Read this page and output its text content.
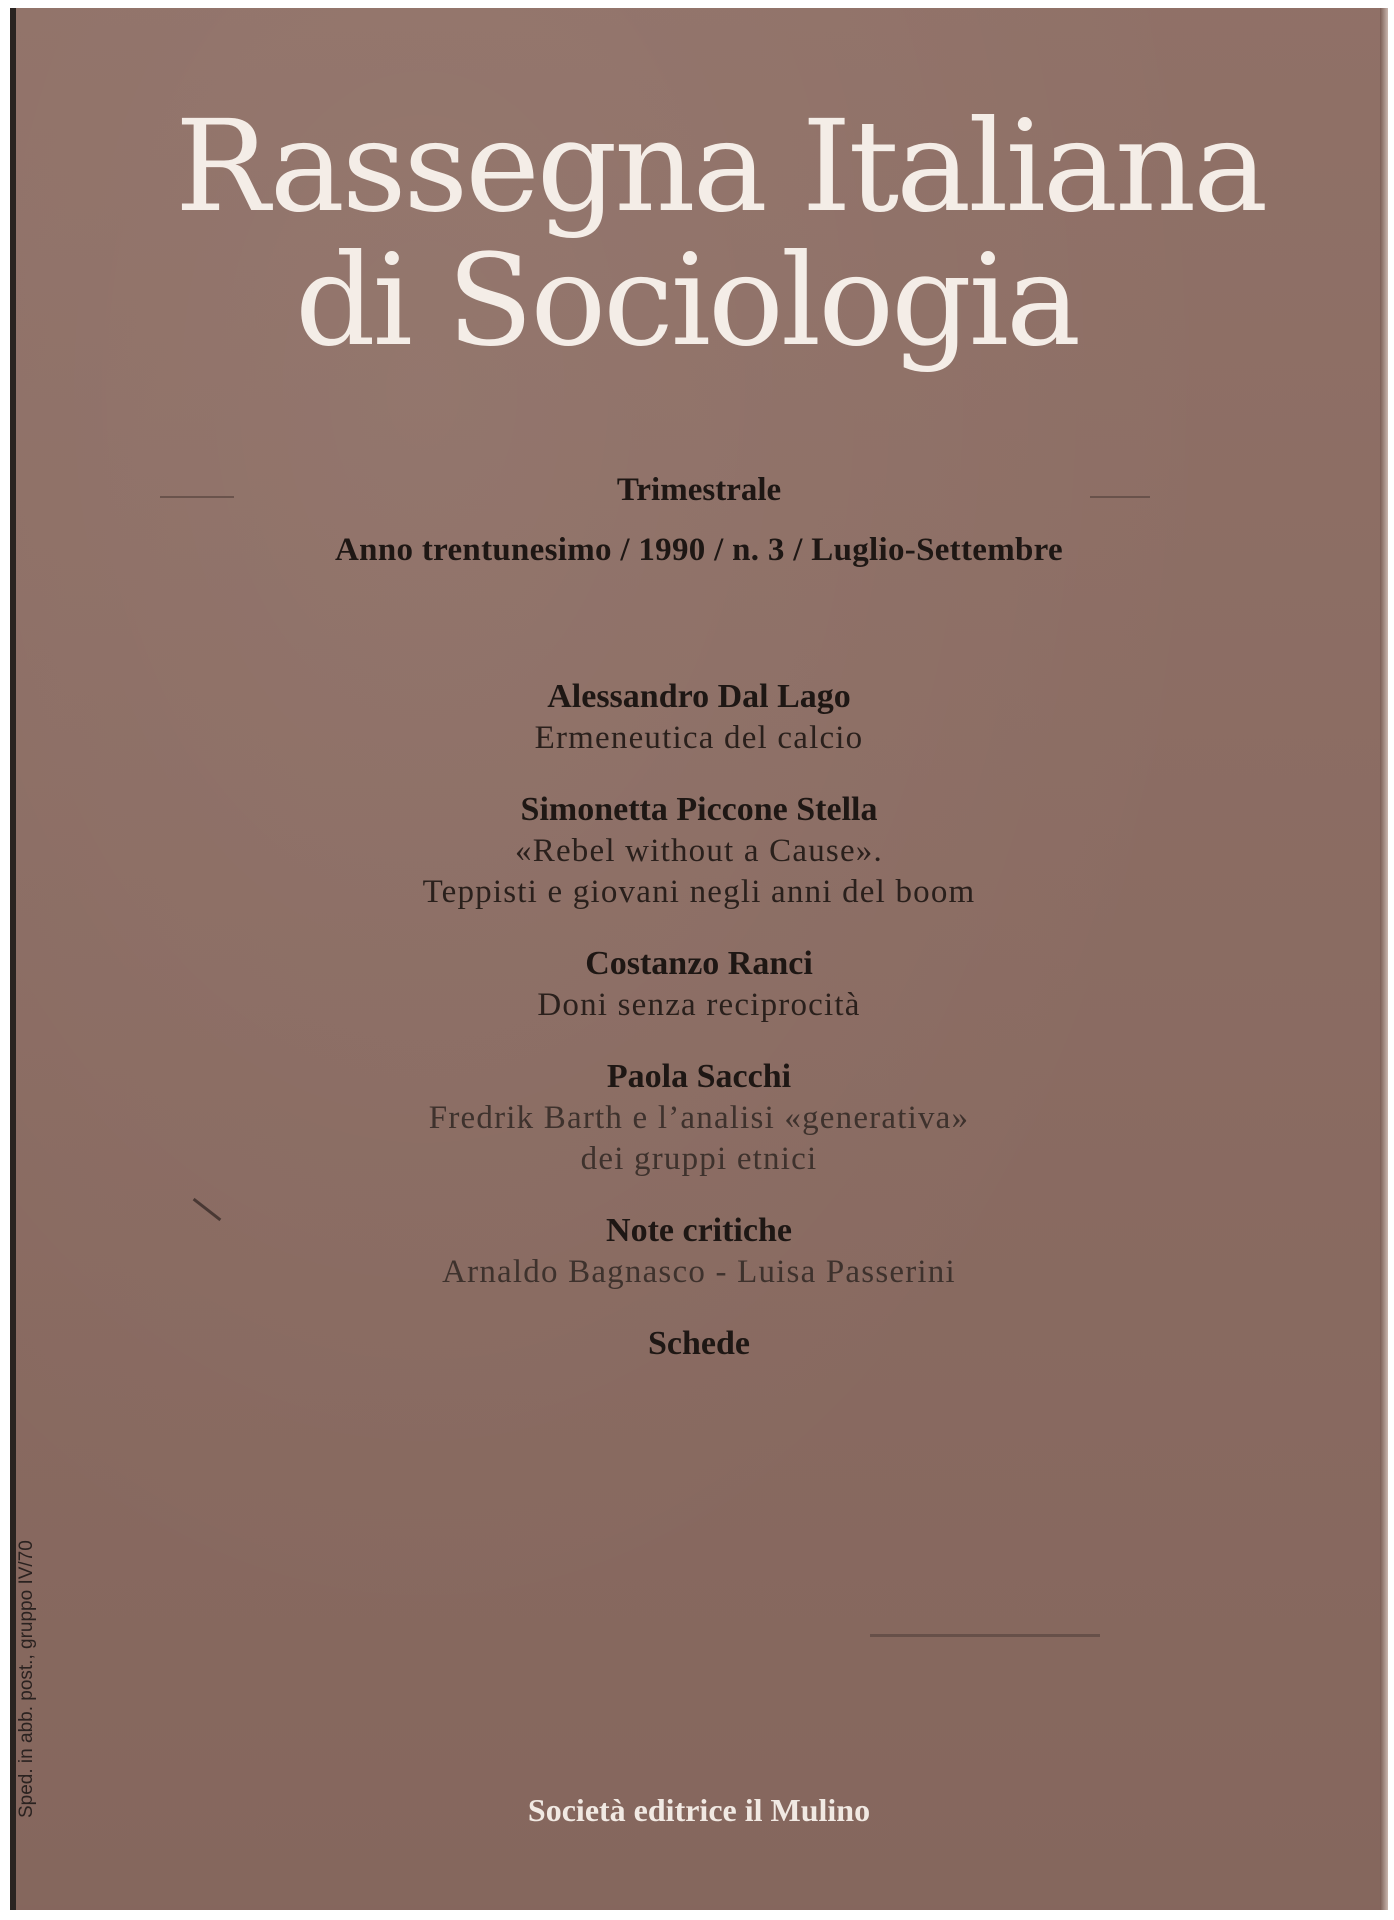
Rassegna Italiana
di Sociologia
Trimestrale
Anno trentunesimo / 1990 / n. 3 / Luglio-Settembre
Alessandro Dal Lago
Ermeneutica del calcio
Simonetta Piccone Stella
«Rebel without a Cause».
Teppisti e giovani negli anni del boom
Costanzo Ranci
Doni senza reciprocità
Paola Sacchi
Fredrik Barth e l’analisi «generativa»
dei gruppi etnici
Note critiche
Arnaldo Bagnasco - Luisa Passerini
Schede
Società editrice il Mulino
Sped. in abb. post., gruppo IV/70
